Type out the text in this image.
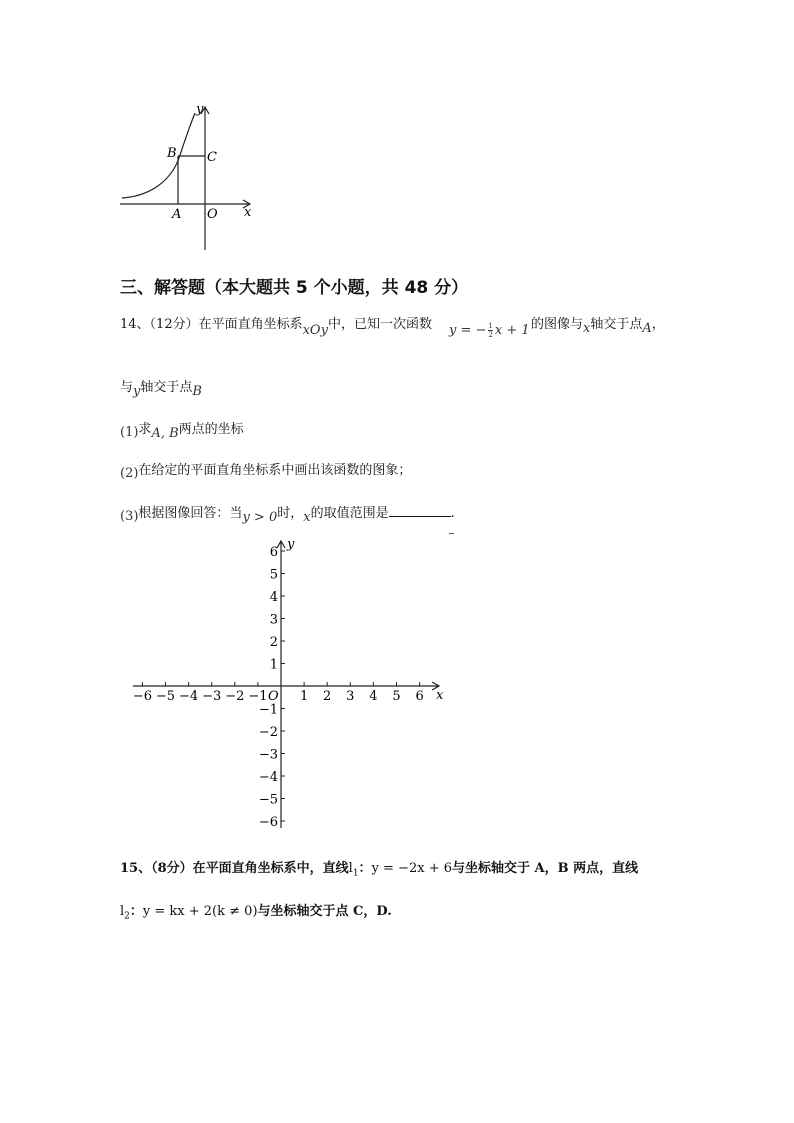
y
x
B C
A O
三、解答题（本大题共 5 个小题，共 48 分）
14、（12分）在平面直角坐标系xOy中，已知一次函数 y = − $\frac{1}{2}$ x + 1 的图像与x轴交于点A，
与y轴交于点B
(1)求A, B两点的坐标
(2)在给定的平面直角坐标系中画出该函数的图象；
(3)根据图像回答：当y > 0时，x的取值范围是	.
x
y
O
−6 −5 −4 −3 −2 −1 1 2 3 4 5 6
6
5
4
3
2
1
−1
−2
−3
−4
−5
−6
15、（8分）在平面直角坐标系中，直线$l_1$：y = −2x + 6与坐标轴交于 A，B 两点，直线
$l_2$：y = kx + 2(k ≠ 0)与坐标轴交于点 C，D.
